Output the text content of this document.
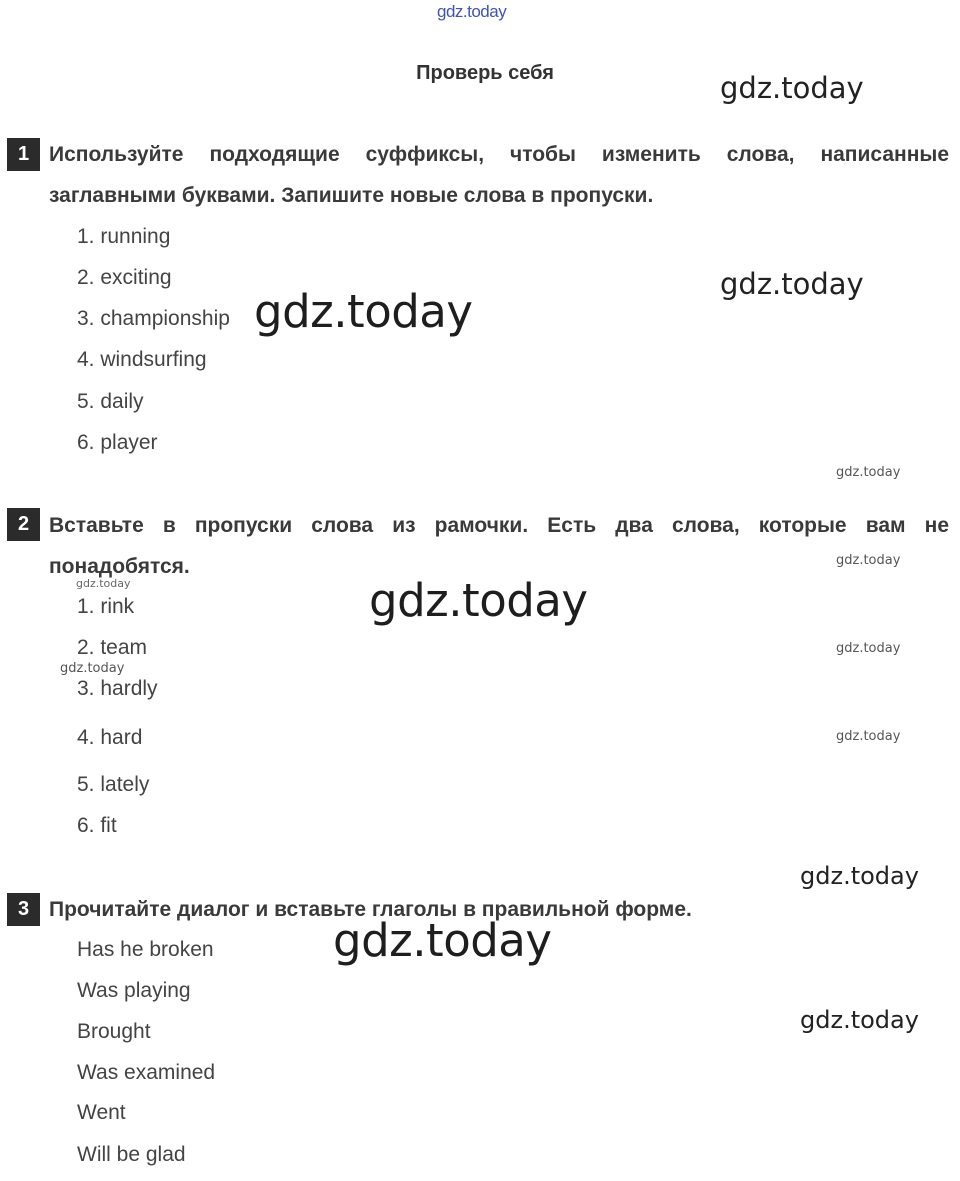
gdz.today
Проверь себя
1 Используйте подходящие суффиксы, чтобы изменить слова, написанные заглавными буквами. Запишите новые слова в пропуски.
1. running
2. exciting
3. championship
4. windsurfing
5. daily
6. player
2 Вставьте в пропуски слова из рамочки. Есть два слова, которые вам не понадобятся.
1. rink
2. team
3. hardly
4. hard
5. lately
6. fit
3 Прочитайте диалог и вставьте глаголы в правильной форме.
Has he broken
Was playing
Brought
Was examined
Went
Will be glad
gdz.today
gdz.today
gdz.today
gdz.today
gdz.today
gdz.today	gdz.today
gdz.today
gdz.today
gdz.today
gdz.today
gdz.today
gdz.today
